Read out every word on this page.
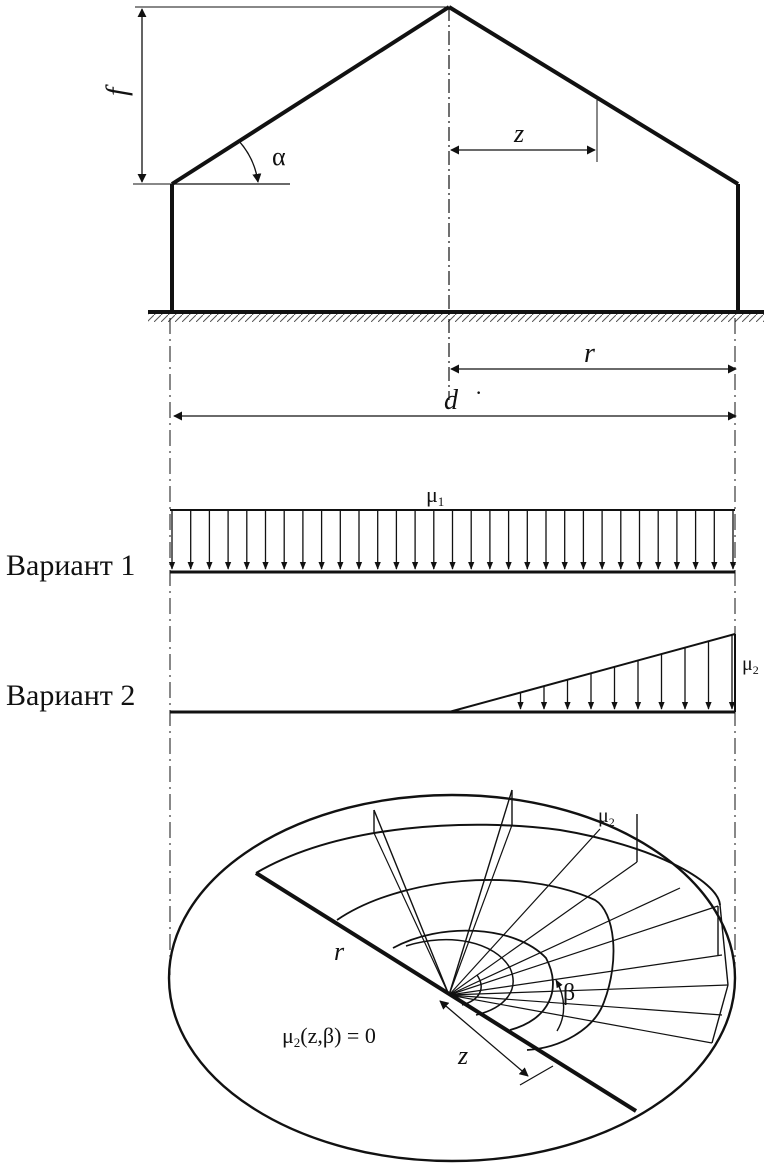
f
α
z
r
d ·
μ1
Вариант 1
$\mu_2$
Вариант 2
$\mu_2$
r
β
z
μ2(z,β) = 0
